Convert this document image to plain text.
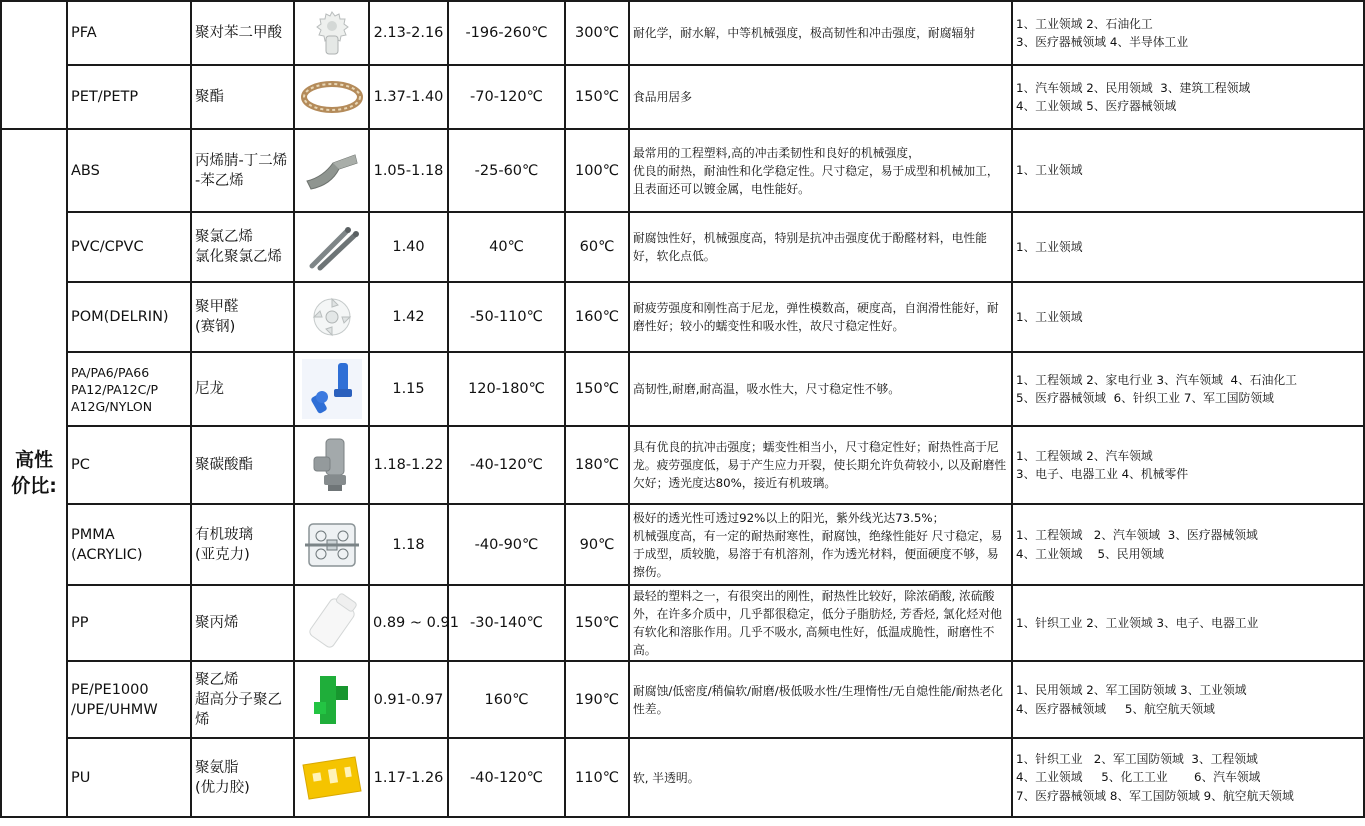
	PFA	聚对苯二甲酸		2.13-2.16	-196-260℃	300℃	耐化学，耐水解，中等机械强度，极高韧性和冲击强度，耐腐辐射	1、工业领域 2、石油化工
3、医疗器械领域 4、半导体工业
	PET/PETP	聚酯		1.37-1.40	-70-120℃	150℃	食品用居多	1、汽车领域 2、民用领域  3、建筑工程领域
4、工业领域 5、医疗器械领域
高性
价比:	ABS	丙烯腈-丁二烯
-苯乙烯		1.05-1.18	-25-60℃	100℃	最常用的工程塑料,高的冲击柔韧性和良好的机械强度，
优良的耐热，耐油性和化学稳定性。尺寸稳定，易于成型和机械加工，且表面还可以镀金属，电性能好。	1、工业领域
	PVC/CPVC	聚氯乙烯
氯化聚氯乙烯		1.40	40℃	60℃	耐腐蚀性好，机械强度高，特别是抗冲击强度优于酚醛材料，电性能好，软化点低。	1、工业领域
	POM(DELRIN)	聚甲醛
(赛钢)		1.42	-50-110℃	160℃	耐疲劳强度和刚性高于尼龙，弹性模数高，硬度高，自润滑性能好，耐磨性好；较小的蠕变性和吸水性，故尺寸稳定性好。	1、工业领域
	PA/PA6/PA66
PA12/PA12C/P
A12G/NYLON	尼龙		1.15	120-180℃	150℃	高韧性,耐磨,耐高温，吸水性大，尺寸稳定性不够。	1、工程领域 2、家电行业 3、汽车领域  4、石油化工
5、医疗器械领域  6、针织工业 7、军工国防领域
	PC	聚碳酸酯		1.18-1.22	-40-120℃	180℃	具有优良的抗冲击强度；蠕变性相当小，尺寸稳定性好；耐热性高于尼龙。疲劳强度低，易于产生应力开裂，使长期允许负荷较小, 以及耐磨性欠好；透光度达80%，接近有机玻璃。	1、工程领域 2、汽车领域
3、电子、电器工业 4、机械零件
	PMMA
(ACRYLIC)	有机玻璃
(亚克力)		1.18	-40-90℃	90℃	极好的透光性可透过92%以上的阳光，紫外线光达73.5%；
机械强度高，有一定的耐热耐寒性，耐腐蚀，绝缘性能好 尺寸稳定，易于成型，质较脆，易溶于有机溶剂，作为透光材料，便面硬度不够，易擦伤。	1、工程领域   2、汽车领域  3、医疗器械领域
4、工业领域    5、民用领域
	PP	聚丙烯		0.89 ~ 0.91	-30-140℃	150℃	最轻的塑料之一，有很突出的刚性，耐热性比较好，除浓硝酸, 浓硫酸外，在许多介质中，几乎都很稳定，低分子脂肪烃, 芳香烃, 氯化烃对他有软化和溶胀作用。几乎不吸水, 高频电性好，低温成脆性，耐磨性不高。	1、针织工业 2、工业领域 3、电子、电器工业
	PE/PE1000
/UPE/UHMW	聚乙烯
超高分子聚乙烯		0.91-0.97	160℃	190℃	耐腐蚀/低密度/稍偏软/耐磨/极低吸水性/生理惰性/无自熄性能/耐热老化性差。	1、民用领域 2、军工国防领域 3、工业领域
4、医疗器械领域     5、航空航天领域
	PU	聚氨脂
(优力胶)		1.17-1.26	-40-120℃	110℃	软, 半透明。	1、针织工业   2、军工国防领域  3、工程领域
4、工业领域     5、化工工业       6、汽车领域
7、医疗器械领域 8、军工国防领域 9、航空航天领域
